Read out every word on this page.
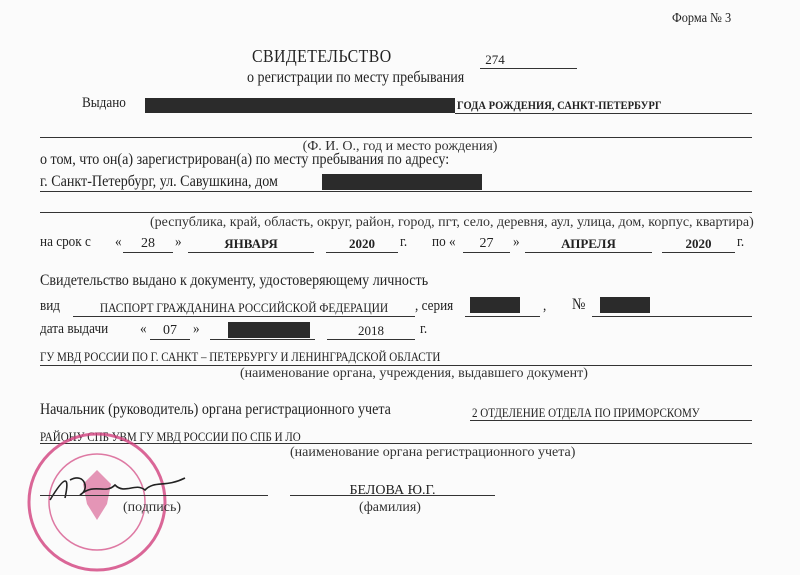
Форма № 3
СВИДЕТЕЛЬСТВО	274
о регистрации по месту пребывания
Выдано	ГОДА РОЖДЕНИЯ, САНКТ-ПЕТЕРБУРГ
(Ф. И. О., год и место рождения)
о том, что он(а) зарегистрирован(а) по месту пребывания по адресу:
г. Санкт-Петербург, ул. Савушкина, дом
(республика, край, область, округ, район, город, пгт, село, деревня, аул, улица, дом, корпус, квартира)
на срок с «	28	»	ЯНВАРЯ	2020	г. по «	27	»	АПРЕЛЯ	2020	г.
Свидетельство выдано к документу, удостоверяющему личность
вид	ПАСПОРТ ГРАЖДАНИНА РОССИЙСКОЙ ФЕДЕРАЦИИ	, серия	, №
дата выдачи «	07	»	2018	г.
ГУ МВД РОССИИ ПО Г. САНКТ – ПЕТЕРБУРГУ И ЛЕНИНГРАДСКОЙ ОБЛАСТИ
(наименование органа, учреждения, выдавшего документ)
Начальник (руководитель) органа регистрационного учета	2 ОТДЕЛЕНИЕ ОТДЕЛА ПО ПРИМОРСКОМУ
РАЙОНУ СПБ УВМ ГУ МВД РОССИИ ПО СПБ И ЛО
(наименование органа регистрационного учета)
(подпись)
БЕЛОВА Ю.Г.
(фамилия)
